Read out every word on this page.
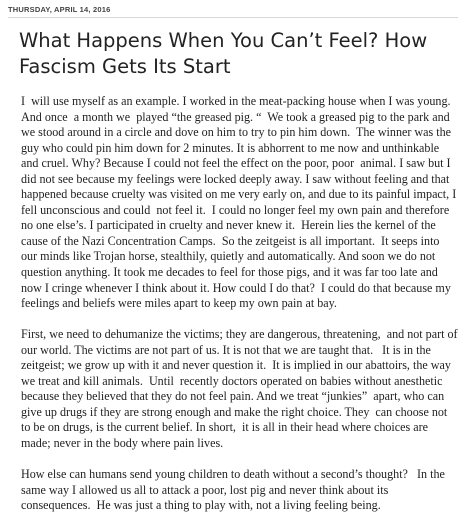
THURSDAY, APRIL 14, 2016
What Happens When You Can’t Feel? How Fascism Gets Its Start

I  will use myself as an example. I worked in the meat-packing house when I was young. And once  a month we  played “the greased pig. “  We took a greased pig to the park and we stood around in a circle and dove on him to try to pin him down.  The winner was the guy who could pin him down for 2 minutes. It is abhorrent to me now and unthinkable and cruel. Why? Because I could not feel the effect on the poor, poor  animal. I saw but I did not see because my feelings were locked deeply away. I saw without feeling and that happened because cruelty was visited on me very early on, and due to its painful impact, I fell unconscious and could  not feel it.  I could no longer feel my own pain and therefore no one else’s. I participated in cruelty and never knew it.  Herein lies the kernel of the cause of the Nazi Concentration Camps.  So the zeitgeist is all important.  It seeps into our minds like Trojan horse, stealthily, quietly and automatically. And soon we do not question anything. It took me decades to feel for those pigs, and it was far too late and now I cringe whenever I think about it. How could I do that?  I could do that because my feelings and beliefs were miles apart to keep my own pain at bay.

First, we need to dehumanize the victims; they are dangerous, threatening,  and not part of our world. The victims are not part of us. It is not that we are taught that.   It is in the  zeitgeist; we grow up with it and never question it.  It is implied in our abattoirs, the way we treat and kill animals.  Until  recently doctors operated on babies without anesthetic because they believed that they do not feel pain. And we treat “junkies”  apart, who can give up drugs if they are strong enough and make the right choice. They  can choose not to be on drugs, is the current belief. In short,  it is all in their head where choices are made; never in the body where pain lives.

How else can humans send young children to death without a second’s thought?   In the same way I allowed us all to attack a poor, lost pig and never think about its consequences.  He was just a thing to play with, not a living feeling being.
